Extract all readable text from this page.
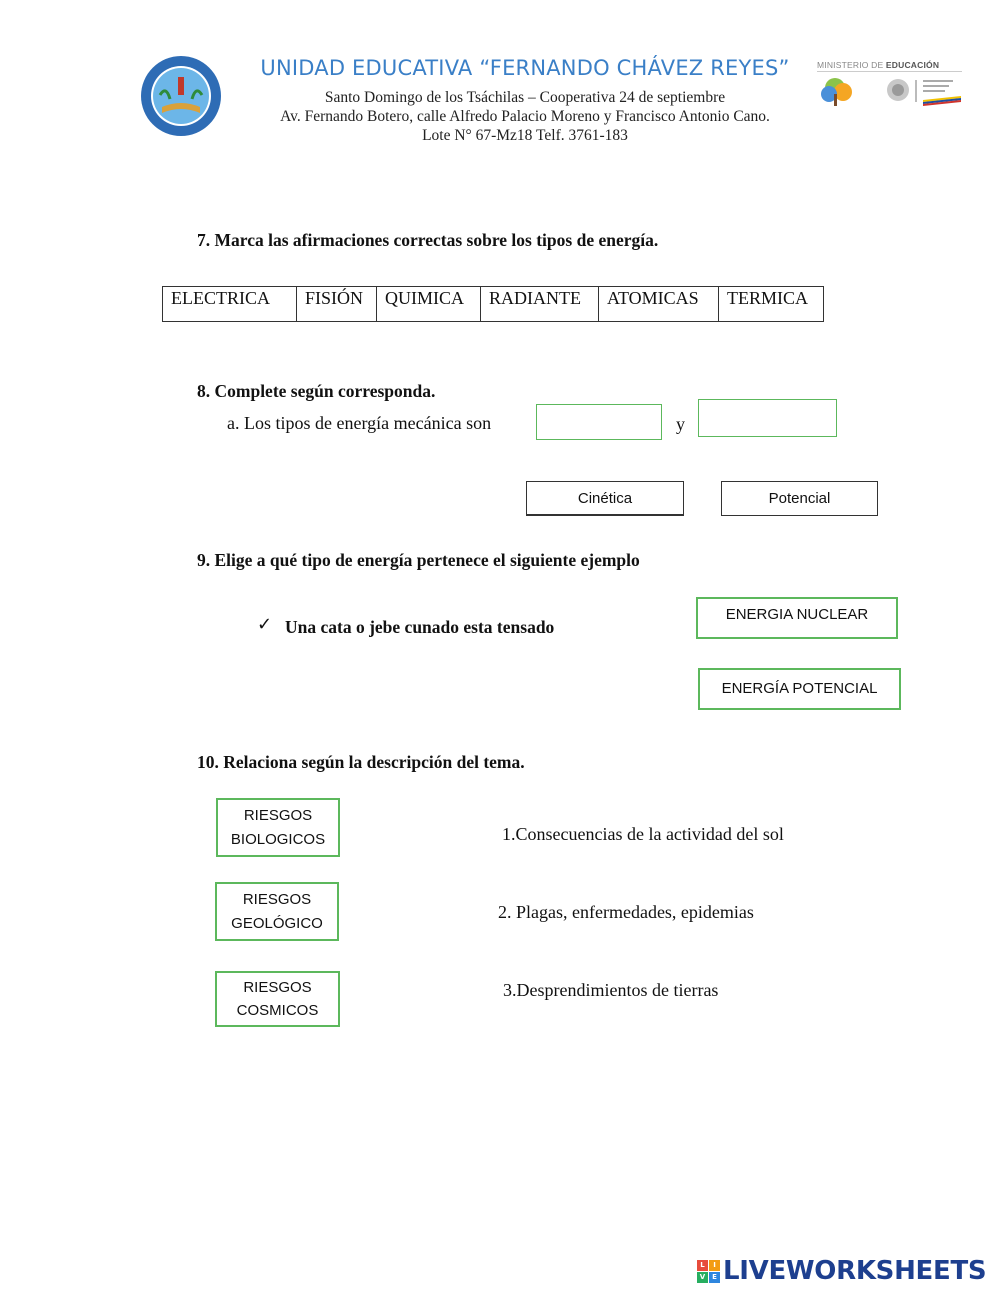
UNIDAD EDUCATIVA “FERNANDO CHÁVEZ REYES”
Santo Domingo de los Tsáchilas – Cooperativa 24 de septiembre
Av. Fernando Botero, calle Alfredo Palacio Moreno y Francisco Antonio Cano.
Lote N° 67-Mz18 Telf. 3761-183
MINISTERIO DE EDUCACIÓN
7. Marca las afirmaciones correctas sobre los tipos de energía.
ELECTRICA	FISIÓN	QUIMICA	RADIANTE	ATOMICAS	TERMICA
8. Complete según corresponda.
a. Los tipos de energía mecánica son	y
Cinética	Potencial
9. Elige a qué tipo de energía pertenece el siguiente ejemplo
✓ Una cata o jebe cunado esta tensado
ENERGIA NUCLEAR
ENERGÍA POTENCIAL
10. Relaciona según la descripción del tema.
RIESGOS
BIOLOGICOS
RIESGOS
GEOLÓGICO
RIESGOS
COSMICOS
1.Consecuencias de la actividad del sol
2. Plagas, enfermedades, epidemias
3.Desprendimientos de tierras
L	I
V E LIVEWORKSHEETS
